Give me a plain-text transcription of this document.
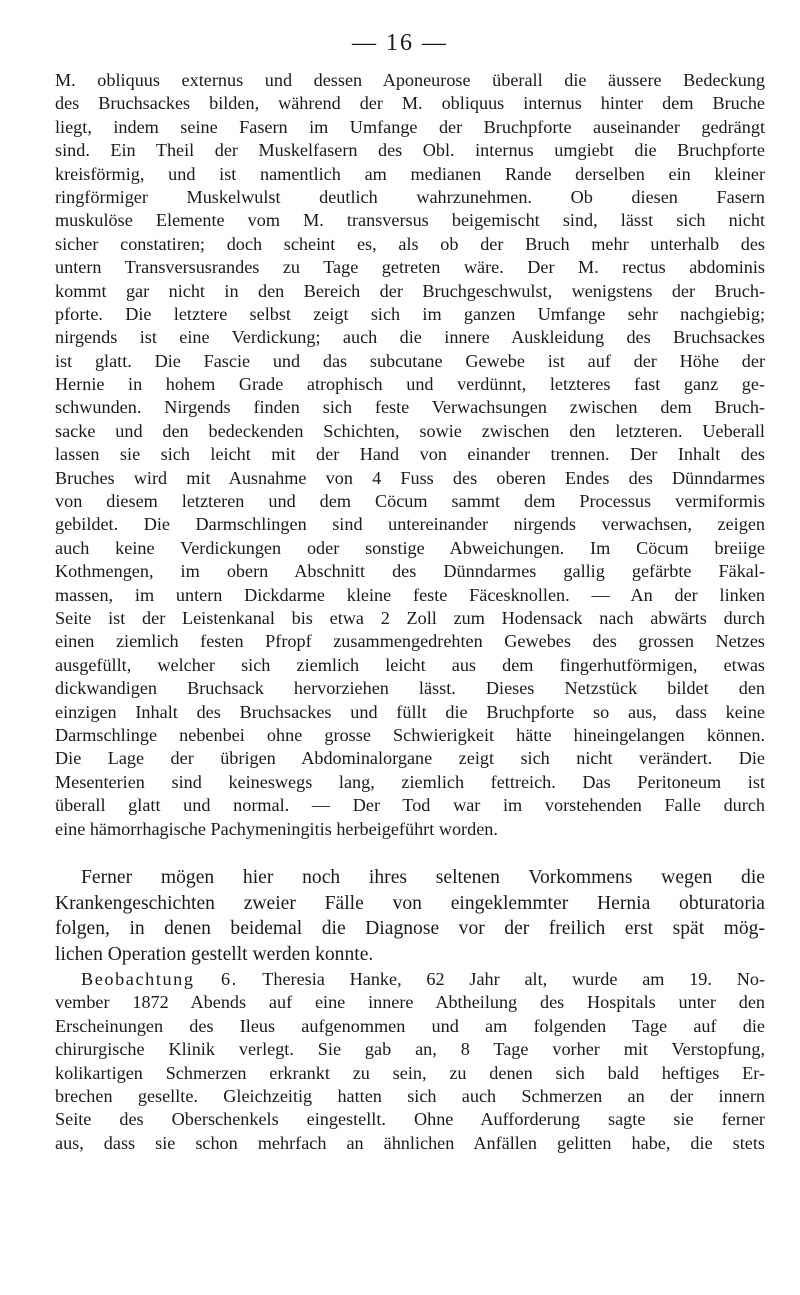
— 16 —
M. obliquus externus und dessen Aponeurose überall die äussere Bedeckung
des Bruchsackes bilden, während der M. obliquus internus hinter dem Bruche
liegt, indem seine Fasern im Umfange der Bruchpforte auseinander gedrängt
sind. Ein Theil der Muskelfasern des Obl. internus umgiebt die Bruchpforte
kreisförmig, und ist namentlich am medianen Rande derselben ein kleiner
ringförmiger Muskelwulst deutlich wahrzunehmen. Ob diesen Fasern
muskulöse Elemente vom M. transversus beigemischt sind, lässt sich nicht
sicher constatiren; doch scheint es, als ob der Bruch mehr unterhalb des
untern Transversusrandes zu Tage getreten wäre. Der M. rectus abdominis
kommt gar nicht in den Bereich der Bruchgeschwulst, wenigstens der Bruch-
pforte. Die letztere selbst zeigt sich im ganzen Umfange sehr nachgiebig;
nirgends ist eine Verdickung; auch die innere Auskleidung des Bruchsackes
ist glatt. Die Fascie und das subcutane Gewebe ist auf der Höhe der
Hernie in hohem Grade atrophisch und verdünnt, letzteres fast ganz ge-
schwunden. Nirgends finden sich feste Verwachsungen zwischen dem Bruch-
sacke und den bedeckenden Schichten, sowie zwischen den letzteren. Ueberall
lassen sie sich leicht mit der Hand von einander trennen. Der Inhalt des
Bruches wird mit Ausnahme von 4 Fuss des oberen Endes des Dünndarmes
von diesem letzteren und dem Cöcum sammt dem Processus vermiformis
gebildet. Die Darmschlingen sind untereinander nirgends verwachsen, zeigen
auch keine Verdickungen oder sonstige Abweichungen. Im Cöcum breiige
Kothmengen, im obern Abschnitt des Dünndarmes gallig gefärbte Fäkal-
massen, im untern Dickdarme kleine feste Fäcesknollen. — An der linken
Seite ist der Leistenkanal bis etwa 2 Zoll zum Hodensack nach abwärts durch
einen ziemlich festen Pfropf zusammengedrehten Gewebes des grossen Netzes
ausgefüllt, welcher sich ziemlich leicht aus dem fingerhutförmigen, etwas
dickwandigen Bruchsack hervorziehen lässt. Dieses Netzstück bildet den
einzigen Inhalt des Bruchsackes und füllt die Bruchpforte so aus, dass keine
Darmschlinge nebenbei ohne grosse Schwierigkeit hätte hineingelangen können.
Die Lage der übrigen Abdominalorgane zeigt sich nicht verändert. Die
Mesenterien sind keineswegs lang, ziemlich fettreich. Das Peritoneum ist
überall glatt und normal. — Der Tod war im vorstehenden Falle durch
eine hämorrhagische Pachymeningitis herbeigeführt worden.
Ferner mögen hier noch ihres seltenen Vorkommens wegen die
Krankengeschichten zweier Fälle von eingeklemmter Hernia obturatoria
folgen, in denen beidemal die Diagnose vor der freilich erst spät mög-
lichen Operation gestellt werden konnte.
Beobachtung 6. Theresia Hanke, 62 Jahr alt, wurde am 19. No-
vember 1872 Abends auf eine innere Abtheilung des Hospitals unter den
Erscheinungen des Ileus aufgenommen und am folgenden Tage auf die
chirurgische Klinik verlegt. Sie gab an, 8 Tage vorher mit Verstopfung,
kolikartigen Schmerzen erkrankt zu sein, zu denen sich bald heftiges Er-
brechen gesellte. Gleichzeitig hatten sich auch Schmerzen an der innern
Seite des Oberschenkels eingestellt. Ohne Aufforderung sagte sie ferner
aus, dass sie schon mehrfach an ähnlichen Anfällen gelitten habe, die stets
